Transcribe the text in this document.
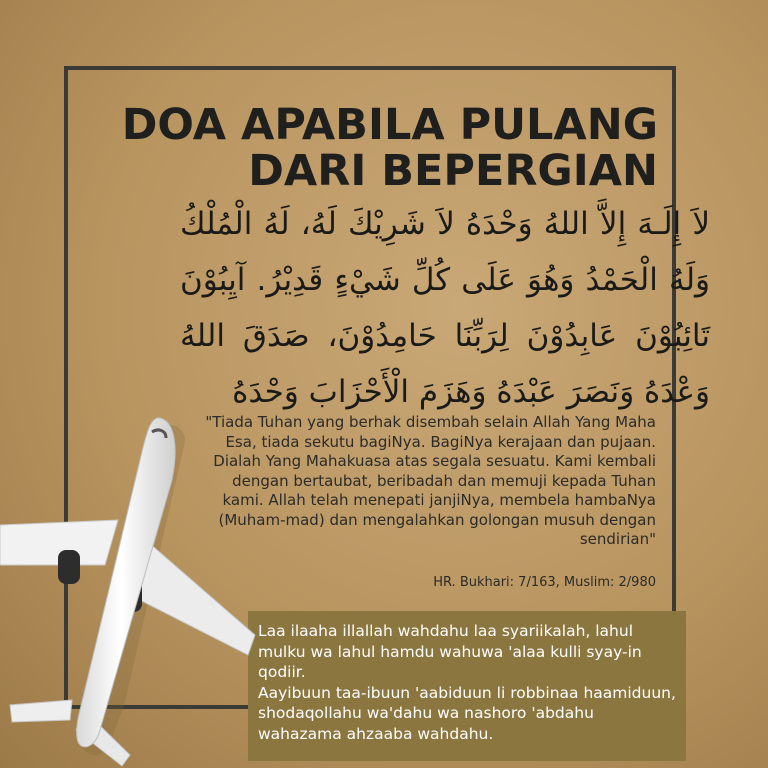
DOA APABILA PULANG
DARI BEPERGIAN
لاَ إِلَـهَ إِلاَّ اللهُ وَحْدَهُ لاَ شَرِيْكَ لَهُ، لَهُ الْمُلْكُ وَلَهُ الْحَمْدُ وَهُوَ عَلَى كُلِّ شَيْءٍ قَدِيْرُ. آيِبُوْنَ تَائِبُوْنَ عَابِدُوْنَ لِرَبِّنَا حَامِدُوْنَ، صَدَقَ اللهُ وَعْدَهُ وَنَصَرَ عَبْدَهُ وَهَزَمَ الْأَحْزَابَ وَحْدَهُ
"Tiada Tuhan yang berhak disembah selain Allah Yang Maha Esa, tiada sekutu bagiNya. BagiNya kerajaan dan pujaan. Dialah Yang Mahakuasa atas segala sesuatu. Kami kembali dengan bertaubat, beribadah dan memuji kepada Tuhan kami. Allah telah menepati janjiNya, membela hambaNya (Muham-mad) dan mengalahkan golongan musuh dengan sendirian"
HR. Bukhari: 7/163, Muslim: 2/980

Laa ilaaha illallah wahdahu laa syariikalah, lahul mulku wa lahul hamdu wahuwa 'alaa kulli syay-in qodiir.

Aayibuun taa-ibuun 'aabiduun li robbinaa haamiduun, shodaqollahu wa'dahu wa nashoro 'abdahu wahazama ahzaaba wahdahu.
